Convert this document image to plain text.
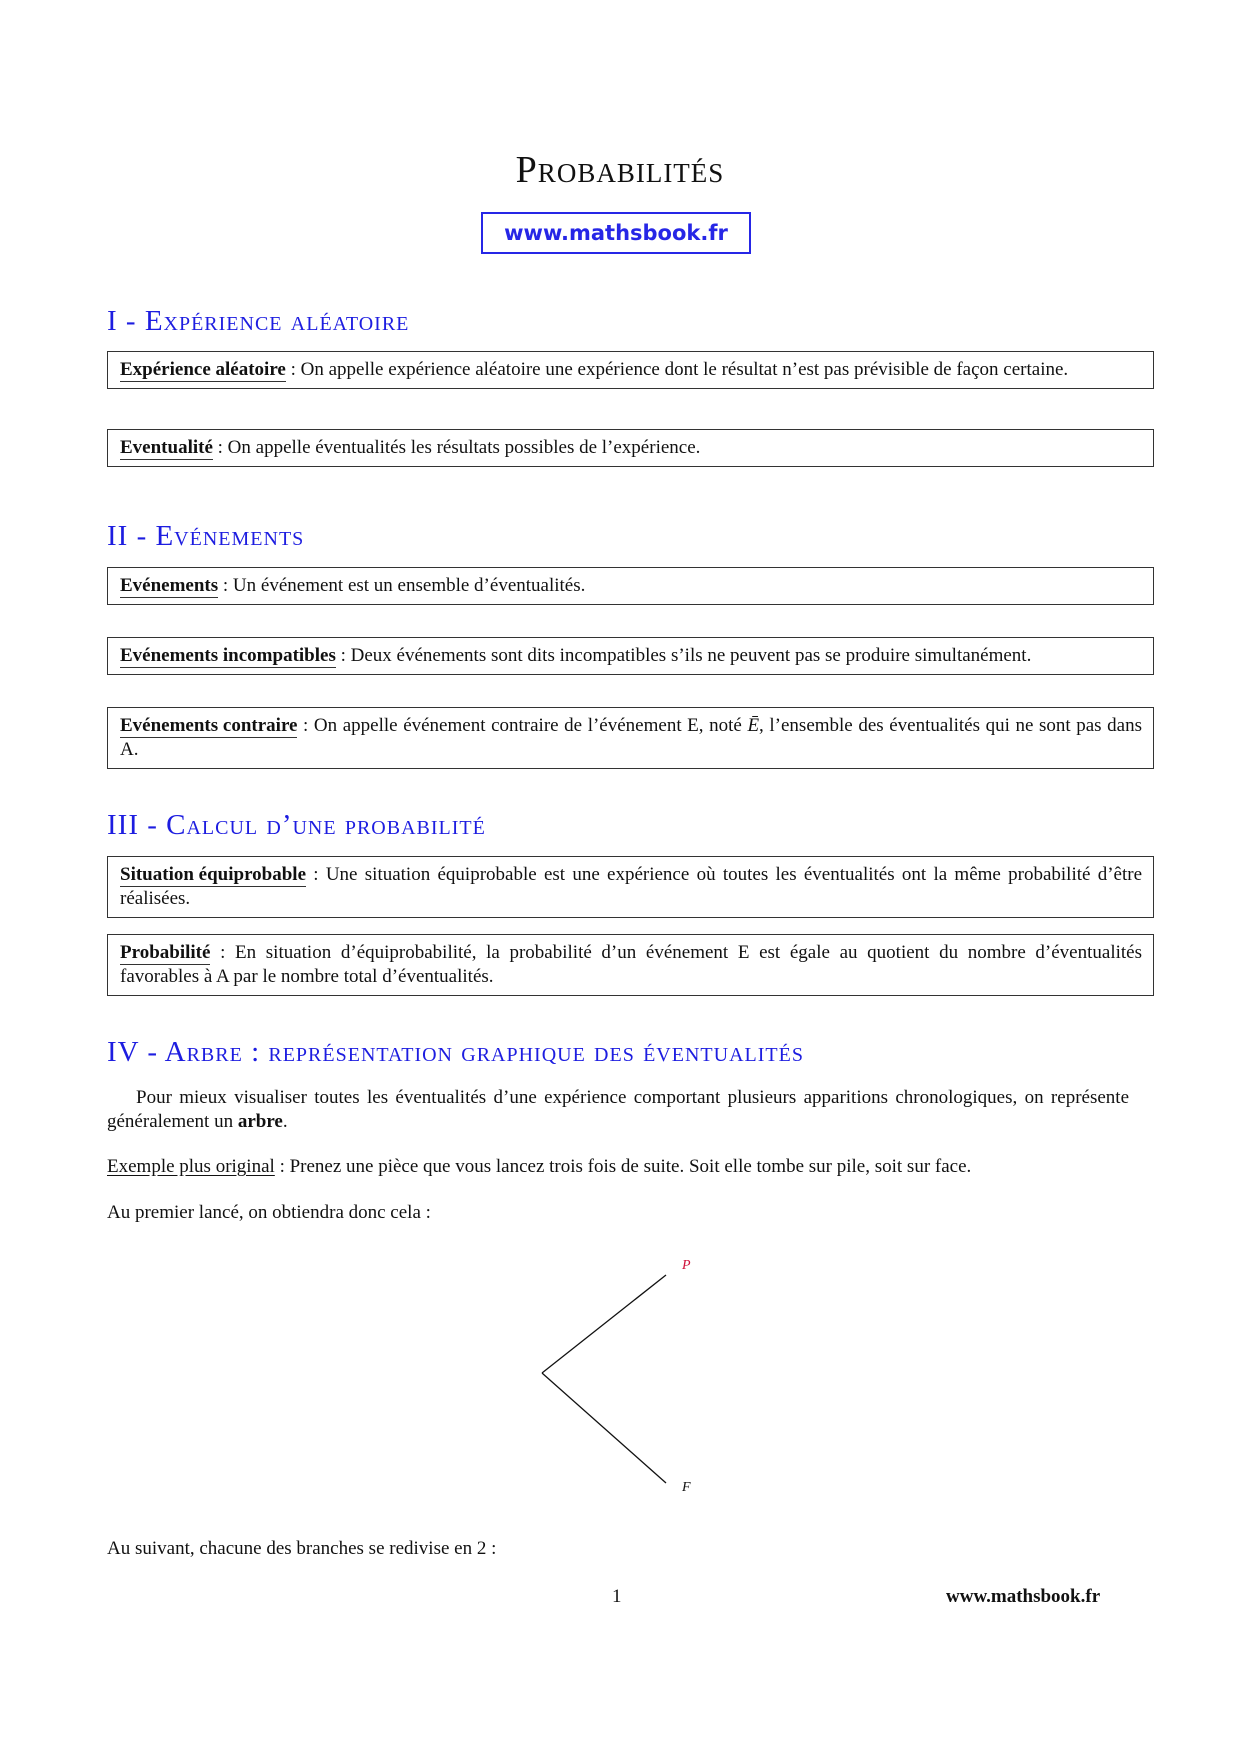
Probabilités
www.mathsbook.fr
I - Expérience aléatoire
Expérience aléatoire : On appelle expérience aléatoire une expérience dont le résultat n’est pas prévisible de façon certaine.
Eventualité : On appelle éventualités les résultats possibles de l’expérience.
II - Evénements
Evénements : Un événement est un ensemble d’éventualités.
Evénements incompatibles : Deux événements sont dits incompatibles s’ils ne peuvent pas se produire simultanément.
Evénements contraire : On appelle événement contraire de l’événement E, noté Ē, l’ensemble des éventualités qui ne sont pas dans A.
III - Calcul d’une probabilité
Situation équiprobable : Une situation équiprobable est une expérience où toutes les éventualités ont la même probabilité d’être réalisées.
Probabilité : En situation d’équiprobabilité, la probabilité d’un événement E est égale au quotient du nombre d’éventualités favorables à A par le nombre total d’éventualités.
IV - Arbre : représentation graphique des éventualités

Pour mieux visualiser toutes les éventualités d’une expérience comportant plusieurs apparitions chronologiques, on représente généralement un arbre.

Exemple plus original : Prenez une pièce que vous lancez trois fois de suite. Soit elle tombe sur pile, soit sur face.

Au premier lancé, on obtiendra donc cela :

P
F

Au suivant, chacune des branches se redivise en 2 :

1	www.mathsbook.fr
